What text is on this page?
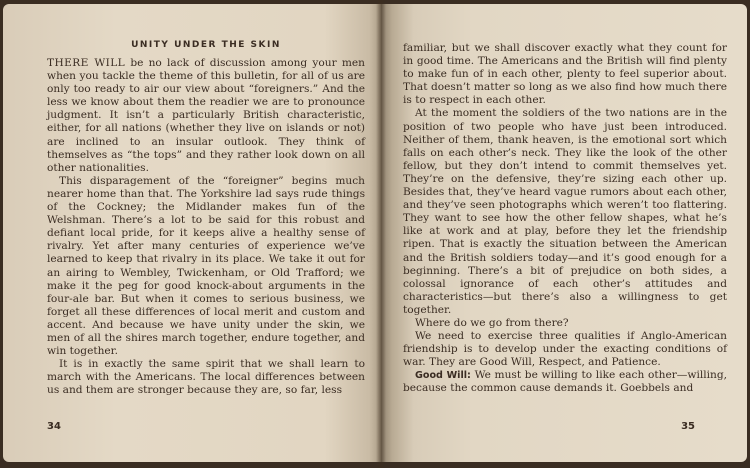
UNITY UNDER THE SKIN

THERE WILL be no lack of discussion among your men when you tackle the theme of this bulletin, for all of us are only too ready to air our view about “foreigners.” And the less we know about them the readier we are to pronounce judgment. It isn’t a particularly British characteristic, either, for all nations (whether they live on islands or not) are inclined to an insular outlook. They think of themselves as “the tops” and they rather look down on all other nationalities.

This disparagement of the “foreigner” begins much nearer home than that. The Yorkshire lad says rude things of the Cockney; the Midlander makes fun of the Welshman. There’s a lot to be said for this robust and defiant local pride, for it keeps alive a healthy sense of rivalry. Yet after many centuries of experience we’ve learned to keep that rivalry in its place. We take it out for an airing to Wembley, Twickenham, or Old Trafford; we make it the peg for good knock-about arguments in the four-ale bar. But when it comes to serious business, we forget all these differences of local merit and custom and accent. And because we have unity under the skin, we men of all the shires march together, endure together, and win together.

It is in exactly the same spirit that we shall learn to march with the Americans. The local differences between us and them are stronger because they are, so far, less

34

familiar, but we shall discover exactly what they count for in good time. The Americans and the British will find plenty to make fun of in each other, plenty to feel superior about. That doesn’t matter so long as we also find how much there is to respect in each other.

At the moment the soldiers of the two nations are in the position of two people who have just been introduced. Neither of them, thank heaven, is the emotional sort which falls on each other’s neck. They like the look of the other fellow, but they don’t intend to commit themselves yet. They’re on the defensive, they’re sizing each other up. Besides that, they’ve heard vague rumors about each other, and they’ve seen photographs which weren’t too flattering. They want to see how the other fellow shapes, what he’s like at work and at play, before they let the friendship ripen. That is exactly the situation between the American and the British soldiers today—and it’s good enough for a beginning. There’s a bit of prejudice on both sides, a colossal ignorance of each other’s attitudes and characteristics—but there’s also a willingness to get together.

Where do we go from there?

We need to exercise three qualities if Anglo-American friendship is to develop under the exacting conditions of war. They are Good Will, Respect, and Patience.

Good Will: We must be willing to like each other—willing, because the common cause demands it. Goebbels and

35
